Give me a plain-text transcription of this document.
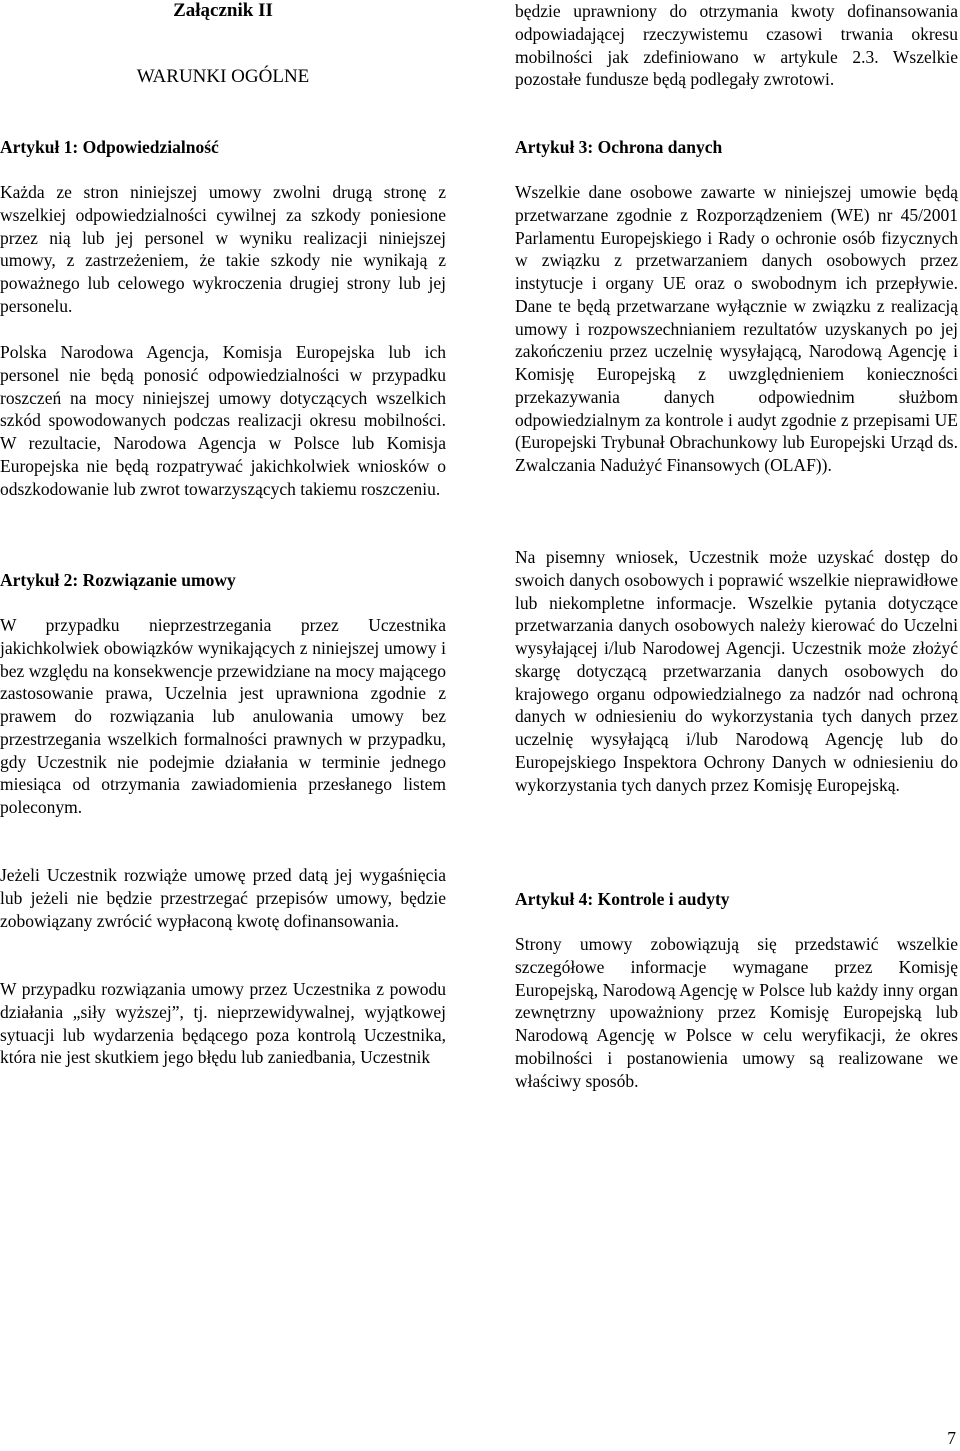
Załącznik II
WARUNKI OGÓLNE
Artykuł 1: Odpowiedzialność

Każda ze stron niniejszej umowy zwolni drugą stronę z wszelkiej odpowiedzialności cywilnej za szkody poniesione przez nią lub jej personel w wyniku realizacji niniejszej umowy, z zastrzeżeniem, że takie szkody nie wynikają z poważnego lub celowego wykroczenia drugiej strony lub jej personelu.

Polska Narodowa Agencja, Komisja Europejska lub ich personel nie będą ponosić odpowiedzialności w przypadku roszczeń na mocy niniejszej umowy dotyczących wszelkich szkód spowodowanych podczas realizacji okresu mobilności. W rezultacie, Narodowa Agencja w Polsce lub Komisja Europejska nie będą rozpatrywać jakichkolwiek wniosków o odszkodowanie lub zwrot towarzyszących takiemu roszczeniu.

Artykuł 2: Rozwiązanie umowy

W przypadku nieprzestrzegania przez Uczestnika jakichkolwiek obowiązków wynikających z niniejszej umowy i bez względu na konsekwencje przewidziane na mocy mającego zastosowanie prawa, Uczelnia jest uprawniona zgodnie z prawem do rozwiązania lub anulowania umowy bez przestrzegania wszelkich formalności prawnych w przypadku, gdy Uczestnik nie podejmie działania w terminie jednego miesiąca od otrzymania zawiadomienia przesłanego listem poleconym.

Jeżeli Uczestnik rozwiąże umowę przed datą jej wygaśnięcia lub jeżeli nie będzie przestrzegać przepisów umowy, będzie zobowiązany zwrócić wypłaconą kwotę dofinansowania.

W przypadku rozwiązania umowy przez Uczestnika z powodu działania „siły wyższej”, tj. nieprzewidywalnej, wyjątkowej sytuacji lub wydarzenia będącego poza kontrolą Uczestnika, która nie jest skutkiem jego błędu lub zaniedbania, Uczestnik

będzie uprawniony do otrzymania kwoty dofinansowania odpowiadającej rzeczywistemu czasowi trwania okresu mobilności jak zdefiniowano w artykule 2.3. Wszelkie pozostałe fundusze będą podlegały zwrotowi.

Artykuł 3: Ochrona danych

Wszelkie dane osobowe zawarte w niniejszej umowie będą przetwarzane zgodnie z Rozporządzeniem (WE) nr 45/2001 Parlamentu Europejskiego i Rady o ochronie osób fizycznych w związku z przetwarzaniem danych osobowych przez instytucje i organy UE oraz o swobodnym ich przepływie. Dane te będą przetwarzane wyłącznie w związku z realizacją umowy i rozpowszechnianiem rezultatów uzyskanych po jej zakończeniu przez uczelnię wysyłającą, Narodową Agencję i Komisję Europejską z uwzględnieniem konieczności przekazywania danych odpowiednim służbom odpowiedzialnym za kontrole i audyt zgodnie z przepisami UE (Europejski Trybunał Obrachunkowy lub Europejski Urząd ds. Zwalczania Nadużyć Finansowych (OLAF)).

Na pisemny wniosek, Uczestnik może uzyskać dostęp do swoich danych osobowych i poprawić wszelkie nieprawidłowe lub niekompletne informacje. Wszelkie pytania dotyczące przetwarzania danych osobowych należy kierować do Uczelni wysyłającej i/lub Narodowej Agencji. Uczestnik może złożyć skargę dotyczącą przetwarzania danych osobowych do krajowego organu odpowiedzialnego za nadzór nad ochroną danych w odniesieniu do wykorzystania tych danych przez uczelnię wysyłającą i/lub Narodową Agencję lub do Europejskiego Inspektora Ochrony Danych w odniesieniu do wykorzystania tych danych przez Komisję Europejską.

Artykuł 4: Kontrole i audyty

Strony umowy zobowiązują się przedstawić wszelkie szczegółowe informacje wymagane przez Komisję Europejską, Narodową Agencję w Polsce lub każdy inny organ zewnętrzny upoważniony przez Komisję Europejską lub Narodową Agencję w Polsce w celu weryfikacji, że okres mobilności i postanowienia umowy są realizowane we właściwy sposób.

7
